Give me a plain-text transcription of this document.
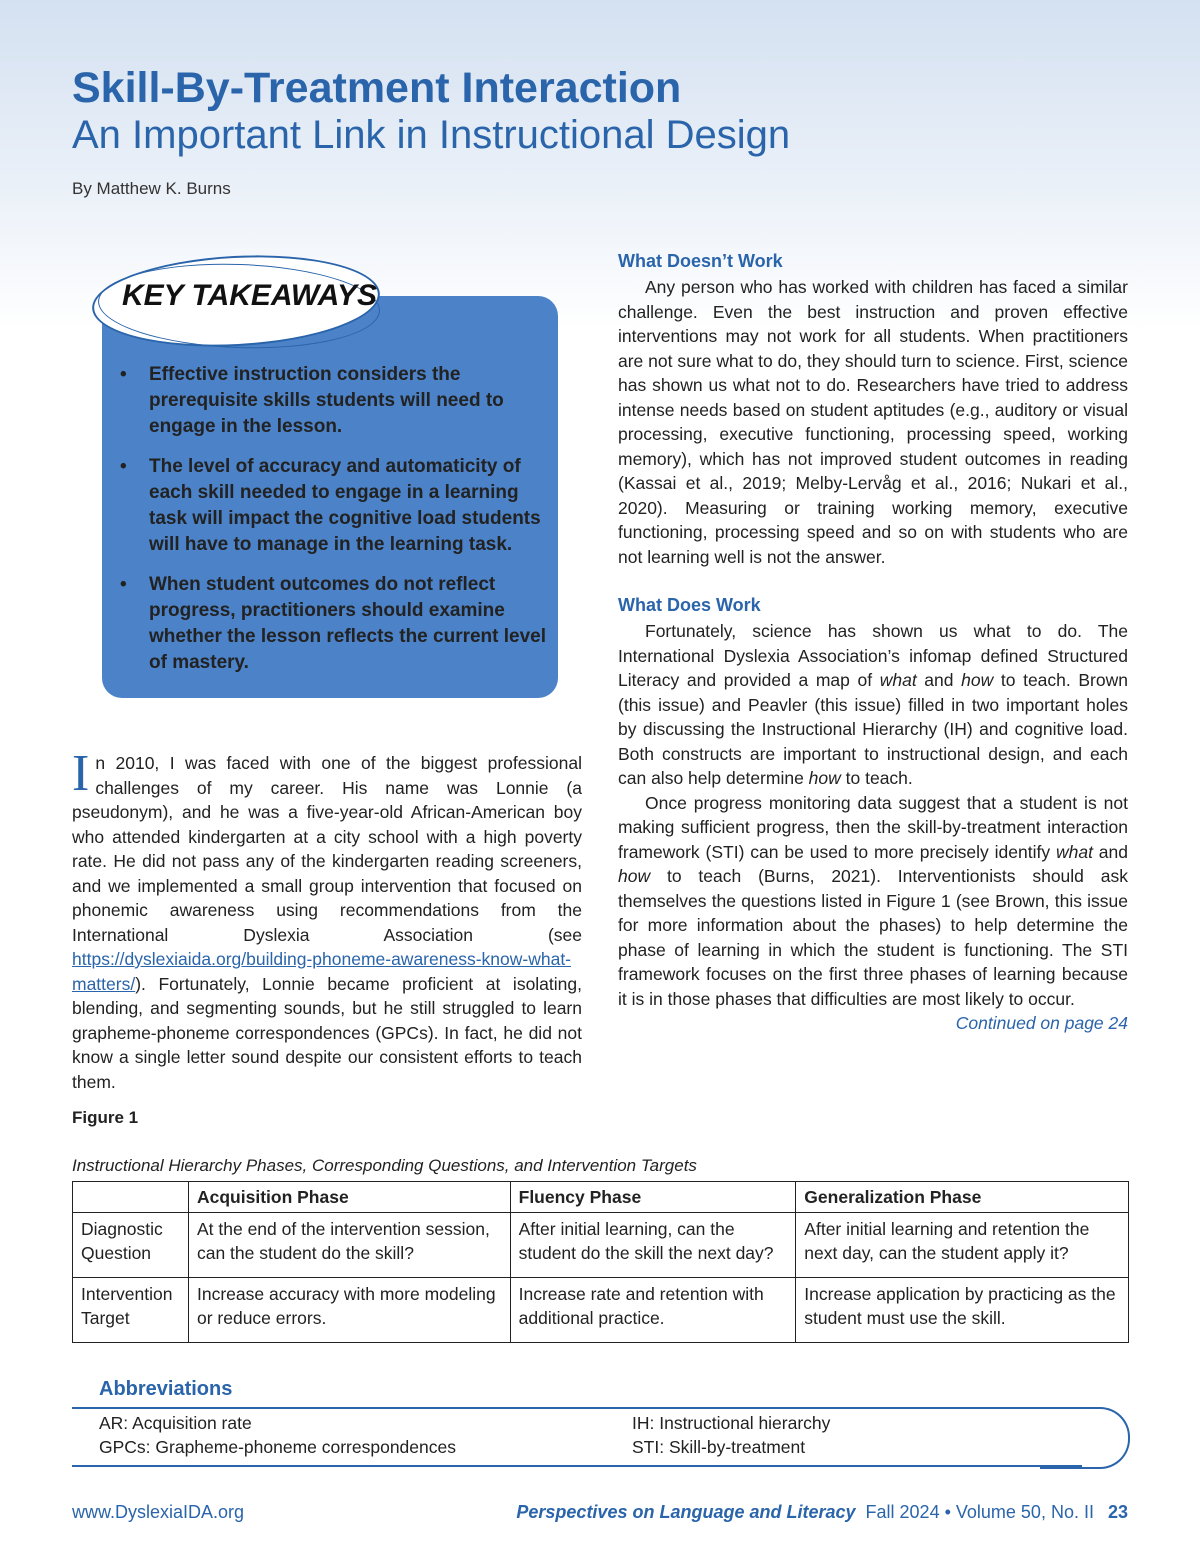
Skill-By-Treatment Interaction
An Important Link in Instructional Design
By Matthew K. Burns
KEY TAKEAWAYS
• Effective instruction considers the prerequisite skills students will need to engage in the lesson.
• The level of accuracy and automaticity of each skill needed to engage in a learning task will impact the cognitive load students will have to manage in the learning task.
• When student outcomes do not reflect progress, practitioners should examine whether the lesson reflects the current level of mastery.

In 2010, I was faced with one of the biggest professional challenges of my career. His name was Lonnie (a pseudonym), and he was a five-year-old African-American boy who attended kindergarten at a city school with a high poverty rate. He did not pass any of the kindergarten reading screeners, and we implemented a small group intervention that focused on phonemic awareness using recommendations from the International Dyslexia Association (see https://dyslexiaida.org/building-phoneme-awareness-know-what-matters/). Fortunately, Lonnie became proficient at isolating, blending, and segmenting sounds, but he still struggled to learn grapheme-phoneme correspondences (GPCs). In fact, he did not know a single letter sound despite our consistent efforts to teach them.

What Doesn’t Work

Any person who has worked with children has faced a similar challenge. Even the best instruction and proven effective interventions may not work for all students. When practitioners are not sure what to do, they should turn to science. First, science has shown us what not to do. Researchers have tried to address intense needs based on student aptitudes (e.g., auditory or visual processing, executive functioning, processing speed, working memory), which has not improved student outcomes in reading (Kassai et al., 2019; Melby-Lervåg et al., 2016; Nukari et al., 2020). Measuring or training working memory, executive functioning, processing speed and so on with students who are not learning well is not the answer.

What Does Work

Fortunately, science has shown us what to do. The International Dyslexia Association’s infomap defined Structured Literacy and provided a map of what and how to teach. Brown (this issue) and Peavler (this issue) filled in two important holes by discussing the Instructional Hierarchy (IH) and cognitive load. Both constructs are important to instructional design, and each can also help determine how to teach.

Once progress monitoring data suggest that a student is not making sufficient progress, then the skill-by-treatment interaction framework (STI) can be used to more precisely identify what and how to teach (Burns, 2021). Interventionists should ask themselves the questions listed in Figure 1 (see Brown, this issue for more information about the phases) to help determine the phase of learning in which the student is functioning. The STI framework focuses on the first three phases of learning because it is in those phases that difficulties are most likely to occur.

Continued on page 24
Figure 1
Instructional Hierarchy Phases, Corresponding Questions, and Intervention Targets
	Acquisition Phase	Fluency Phase	Generalization Phase
Diagnostic Question	At the end of the intervention session, can the student do the skill?	After initial learning, can the student do the skill the next day?	After initial learning and retention the next day, can the student apply it?
Intervention Target	Increase accuracy with more modeling or reduce errors.	Increase rate and retention with additional practice.	Increase application by practicing as the student must use the skill.
Abbreviations
AR: Acquisition rate
GPCs: Grapheme-phoneme correspondences
IH: Instructional hierarchy
STI: Skill-by-treatment
www.DyslexiaIDA.org	Perspectives on Language and Literacy Fall 2024 • Volume 50, No. II 23
